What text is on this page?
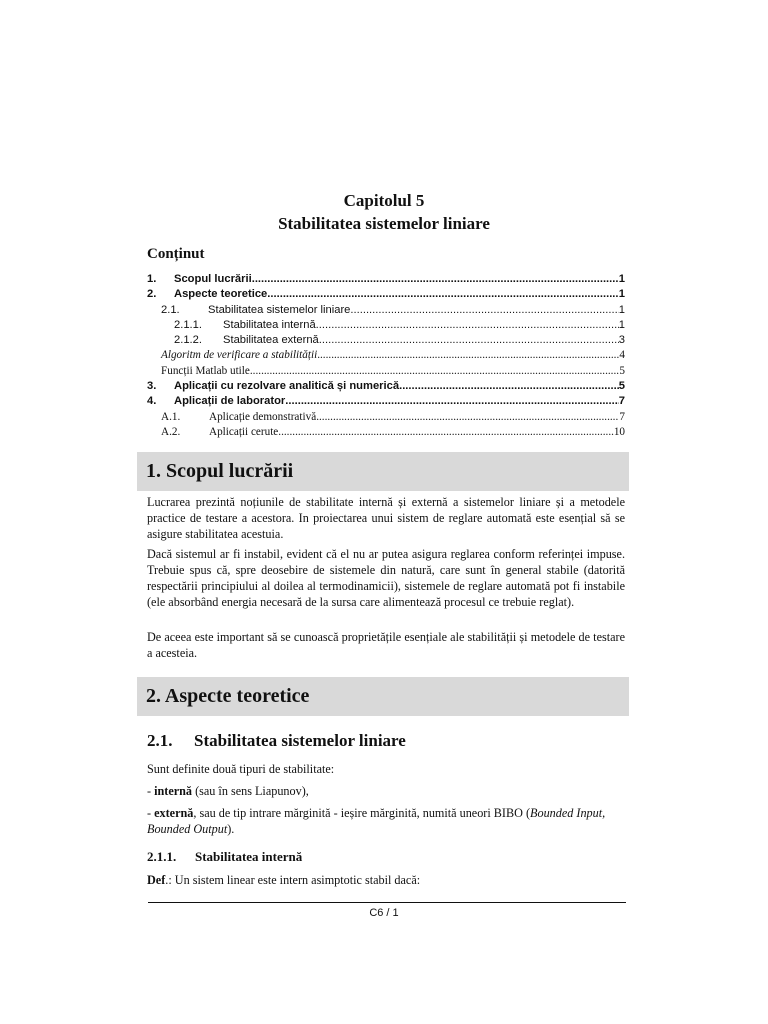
Capitolul 5
Stabilitatea sistemelor liniare
Conținut
1.	Scopul lucrării .....	1
2.	Aspecte teoretice .....	1
2.1.	Stabilitatea sistemelor liniare .....	1
2.1.1.	Stabilitatea internă .....	1
2.1.2.	Stabilitatea externă .....	3
Algoritm de verificare a stabilității .....	4
Funcții Matlab utile .....	5
3.	Aplicații cu rezolvare analitică și numerică .....	5
4.	Aplicații de laborator .....	7
A.1.	Aplicație demonstrativă .....	7
A.2.	Aplicații cerute .....	10
1. Scopul lucrării

Lucrarea prezintă noțiunile de stabilitate internă și externă a sistemelor liniare și a metodele practice de testare a acestora. In proiectarea unui sistem de reglare automată este esențial să se asigure stabilitatea acestuia.

Dacă sistemul ar fi instabil, evident că el nu ar putea asigura reglarea conform referinței impuse. Trebuie spus că, spre deosebire de sistemele din natură, care sunt în general stabile (datorită respectării principiului al doilea al termodinamicii), sistemele de reglare automată pot fi instabile (ele absorbând energia necesară de la sursa care alimentează procesul ce trebuie reglat).

De aceea este important să se cunoască proprietățile esențiale ale stabilității și metodele de testare a acesteia.

2. Aspecte teoretice
2.1. Stabilitatea sistemelor liniare

Sunt definite două tipuri de stabilitate:

- internă (sau în sens Liapunov),

- externă, sau de tip intrare mărginită - ieșire mărginită, numită uneori BIBO (Bounded Input, Bounded Output).

2.1.1. Stabilitatea internă

Def.: Un sistem linear este intern asimptotic stabil dacă:

C6 / 1
